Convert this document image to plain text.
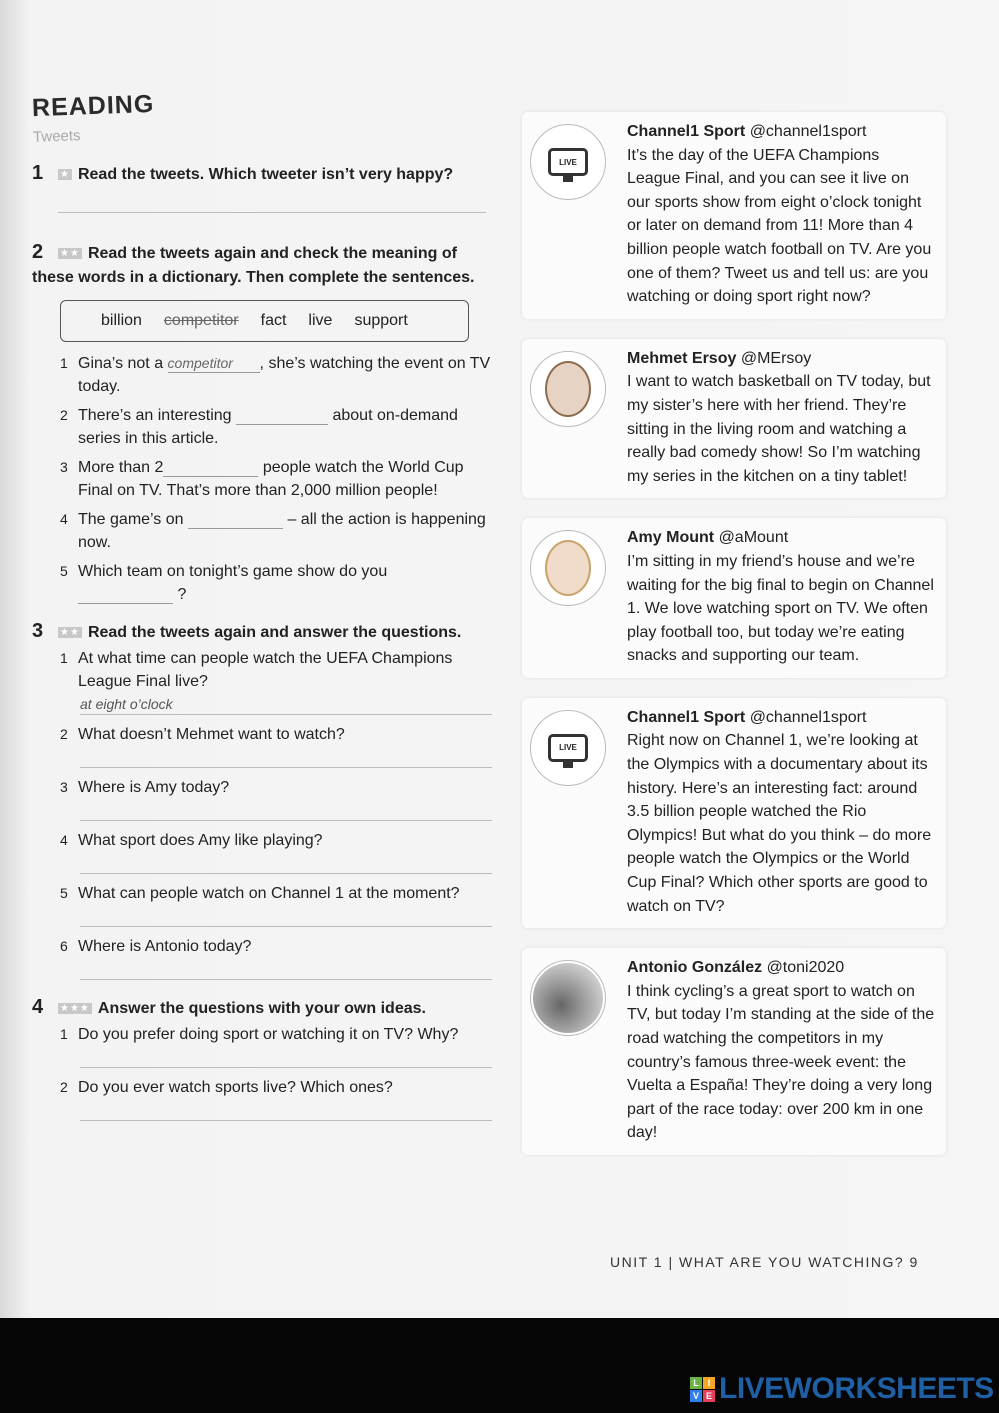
READING
Tweets
1 ★ Read the tweets. Which tweeter isn’t very happy?
2 ★★ Read the tweets again and check the meaning of these words in a dictionary. Then complete the sentences.
billion competitor fact live support
1 Gina’s not a competitor	, she’s watching the event on TV today.
2 There’s an interesting	about on-demand series in this article.
3 More than 2	people watch the World Cup Final on TV. That’s more than 2,000 million people!
4 The game’s on	– all the action is happening now.
5 Which team on tonight’s game show do you
?
3 ★★ Read the tweets again and answer the questions.
1 At what time can people watch the UEFA Champions League Final live?
at eight o’clock
2 What doesn’t Mehmet want to watch?
3 Where is Amy today?
4 What sport does Amy like playing?
5 What can people watch on Channel 1 at the moment?
6 Where is Antonio today?
4 ★★★ Answer the questions with your own ideas.
1 Do you prefer doing sport or watching it on TV? Why?
2 Do you ever watch sports live? Which ones?
LIVE
Channel1 Sport @channel1sport
It’s the day of the UEFA Champions League Final, and you can see it live on our sports show from eight o’clock tonight or later on demand from 11! More than 4 billion people watch football on TV. Are you one of them? Tweet us and tell us: are you watching or doing sport right now?
Mehmet Ersoy @MErsoy
I want to watch basketball on TV today, but my sister’s here with her friend. They’re sitting in the living room and watching a really bad comedy show! So I’m watching my series in the kitchen on a tiny tablet!
Amy Mount @aMount
I’m sitting in my friend’s house and we’re waiting for the big final to begin on Channel 1. We love watching sport on TV. We often play football too, but today we’re eating snacks and supporting our team.
LIVE
Channel1 Sport @channel1sport
Right now on Channel 1, we’re looking at the Olympics with a documentary about its history. Here’s an interesting fact: around 3.5 billion people watched the Rio Olympics! But what do you think – do more people watch the Olympics or the World Cup Final? Which other sports are good to watch on TV?
Antonio González @toni2020
I think cycling’s a great sport to watch on TV, but today I’m standing at the side of the road watching the competitors in my country’s famous three-week event: the Vuelta a España! They’re doing a very long part of the race today: over 200 km in one day!
UNIT 1 | WHAT ARE YOU WATCHING? 9
L I
V E LIVEWORKSHEETS
